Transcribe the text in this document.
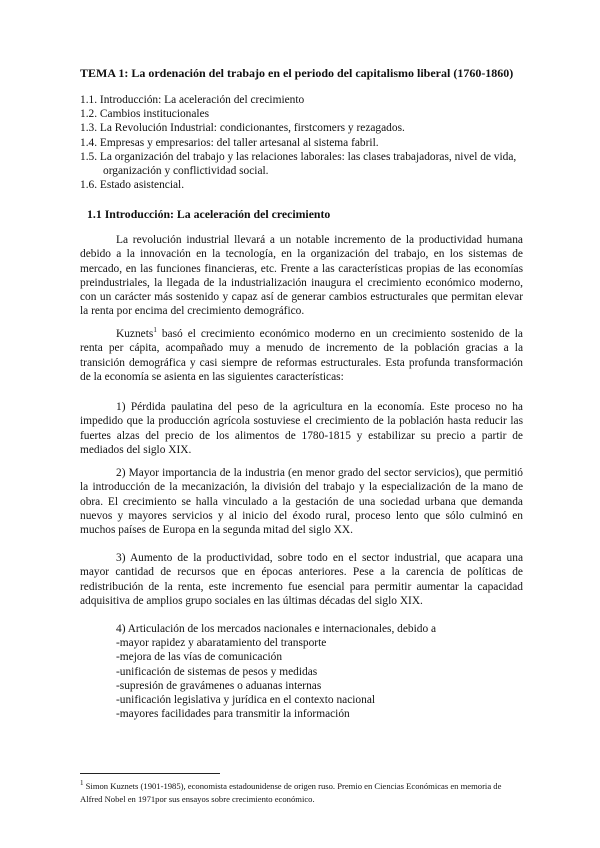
TEMA 1: La ordenación del trabajo en el periodo del capitalismo liberal (1760-1860)
1.1. Introducción: La aceleración del crecimiento
1.2. Cambios institucionales
1.3. La Revolución Industrial: condicionantes, firstcomers y rezagados.
1.4. Empresas y empresarios: del taller artesanal al sistema fabril.
1.5. La organización del trabajo y las relaciones laborales: las clases trabajadoras, nivel de vida, organización y conflictividad social.
1.6. Estado asistencial.
1.1 Introducción: La aceleración del crecimiento

La revolución industrial llevará a un notable incremento de la productividad humana debido a la innovación en la tecnología, en la organización del trabajo, en los sistemas de mercado, en las funciones financieras, etc. Frente a las características propias de las economías preindustriales, la llegada de la industrialización inaugura el crecimiento económico moderno, con un carácter más sostenido y capaz así de generar cambios estructurales que permitan elevar la renta por encima del crecimiento demográfico.

Kuznets$^1$ basó el crecimiento económico moderno en un crecimiento sostenido de la renta per cápita, acompañado muy a menudo de incremento de la población gracias a la transición demográfica y casi siempre de reformas estructurales. Esta profunda transformación de la economía se asienta en las siguientes características:

1) Pérdida paulatina del peso de la agricultura en la economía. Este proceso no ha impedido que la producción agrícola sostuviese el crecimiento de la población hasta reducir las fuertes alzas del precio de los alimentos de 1780-1815 y estabilizar su precio a partir de mediados del siglo XIX.

2) Mayor importancia de la industria (en menor grado del sector servicios), que permitió la introducción de la mecanización, la división del trabajo y la especialización de la mano de obra. El crecimiento se halla vinculado a la gestación de una sociedad urbana que demanda nuevos y mayores servicios y al inicio del éxodo rural, proceso lento que sólo culminó en muchos países de Europa en la segunda mitad del siglo XX.

3) Aumento de la productividad, sobre todo en el sector industrial, que acapara una mayor cantidad de recursos que en épocas anteriores. Pese a la carencia de políticas de redistribución de la renta, este incremento fue esencial para permitir aumentar la capacidad adquisitiva de amplios grupo sociales en las últimas décadas del siglo XIX.

4) Articulación de los mercados nacionales e internacionales, debido a
-mayor rapidez y abaratamiento del transporte
-mejora de las vías de comunicación
-unificación de sistemas de pesos y medidas
-supresión de gravámenes o aduanas internas
-unificación legislativa y jurídica en el contexto nacional
-mayores facilidades para transmitir la información

$^1$ Simon Kuznets (1901-1985), economista estadounidense de origen ruso. Premio en Ciencias Económicas en memoria de Alfred Nobel en 1971por sus ensayos sobre crecimiento económico.
